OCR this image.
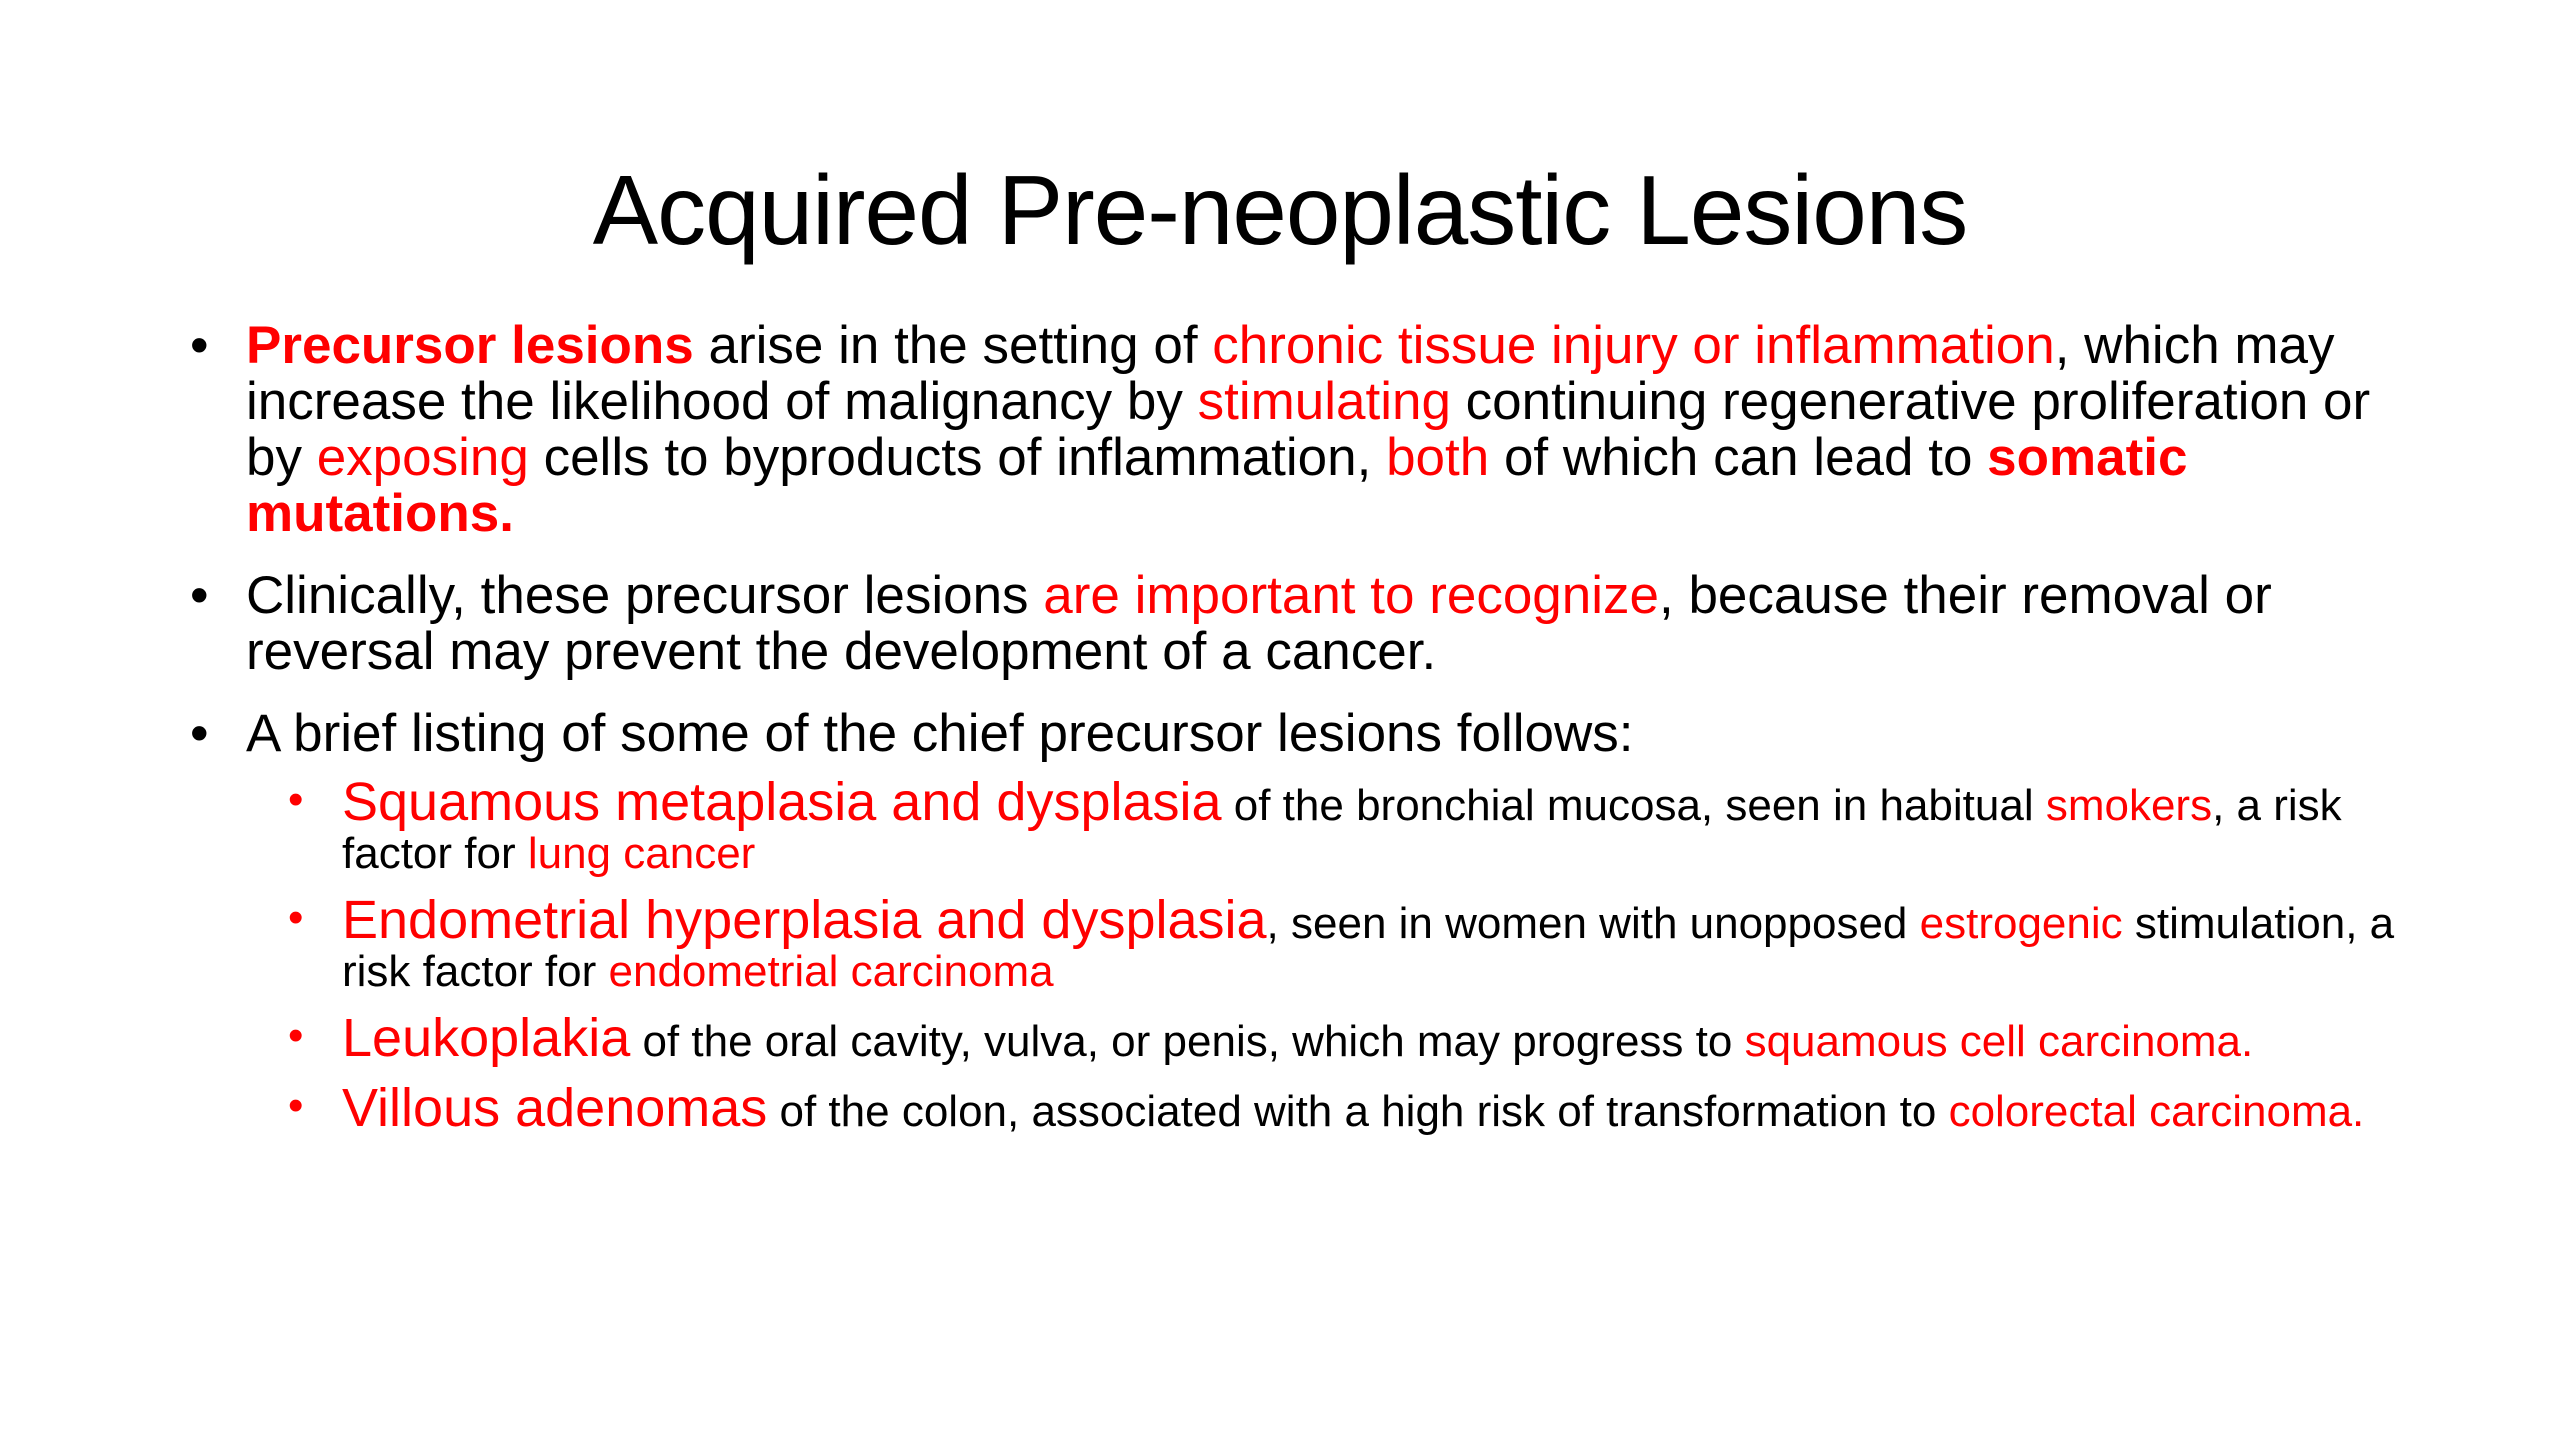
Acquired Pre-neoplastic Lesions
• Precursor lesions arise in the setting of chronic tissue injury or inflammation, which may increase the likelihood of malignancy by stimulating continuing regenerative proliferation or by exposing cells to byproducts of inflammation, both of which can lead to somatic mutations.
• Clinically, these precursor lesions are important to recognize, because their removal or reversal may prevent the development of a cancer.
• A brief listing of some of the chief precursor lesions follows:
• Squamous metaplasia and dysplasia of the bronchial mucosa, seen in habitual smokers, a risk factor for lung cancer
• Endometrial hyperplasia and dysplasia, seen in women with unopposed estrogenic stimulation, a risk factor for endometrial carcinoma
• Leukoplakia of the oral cavity, vulva, or penis, which may progress to squamous cell carcinoma.
• Villous adenomas of the colon, associated with a high risk of transformation to colorectal carcinoma.
